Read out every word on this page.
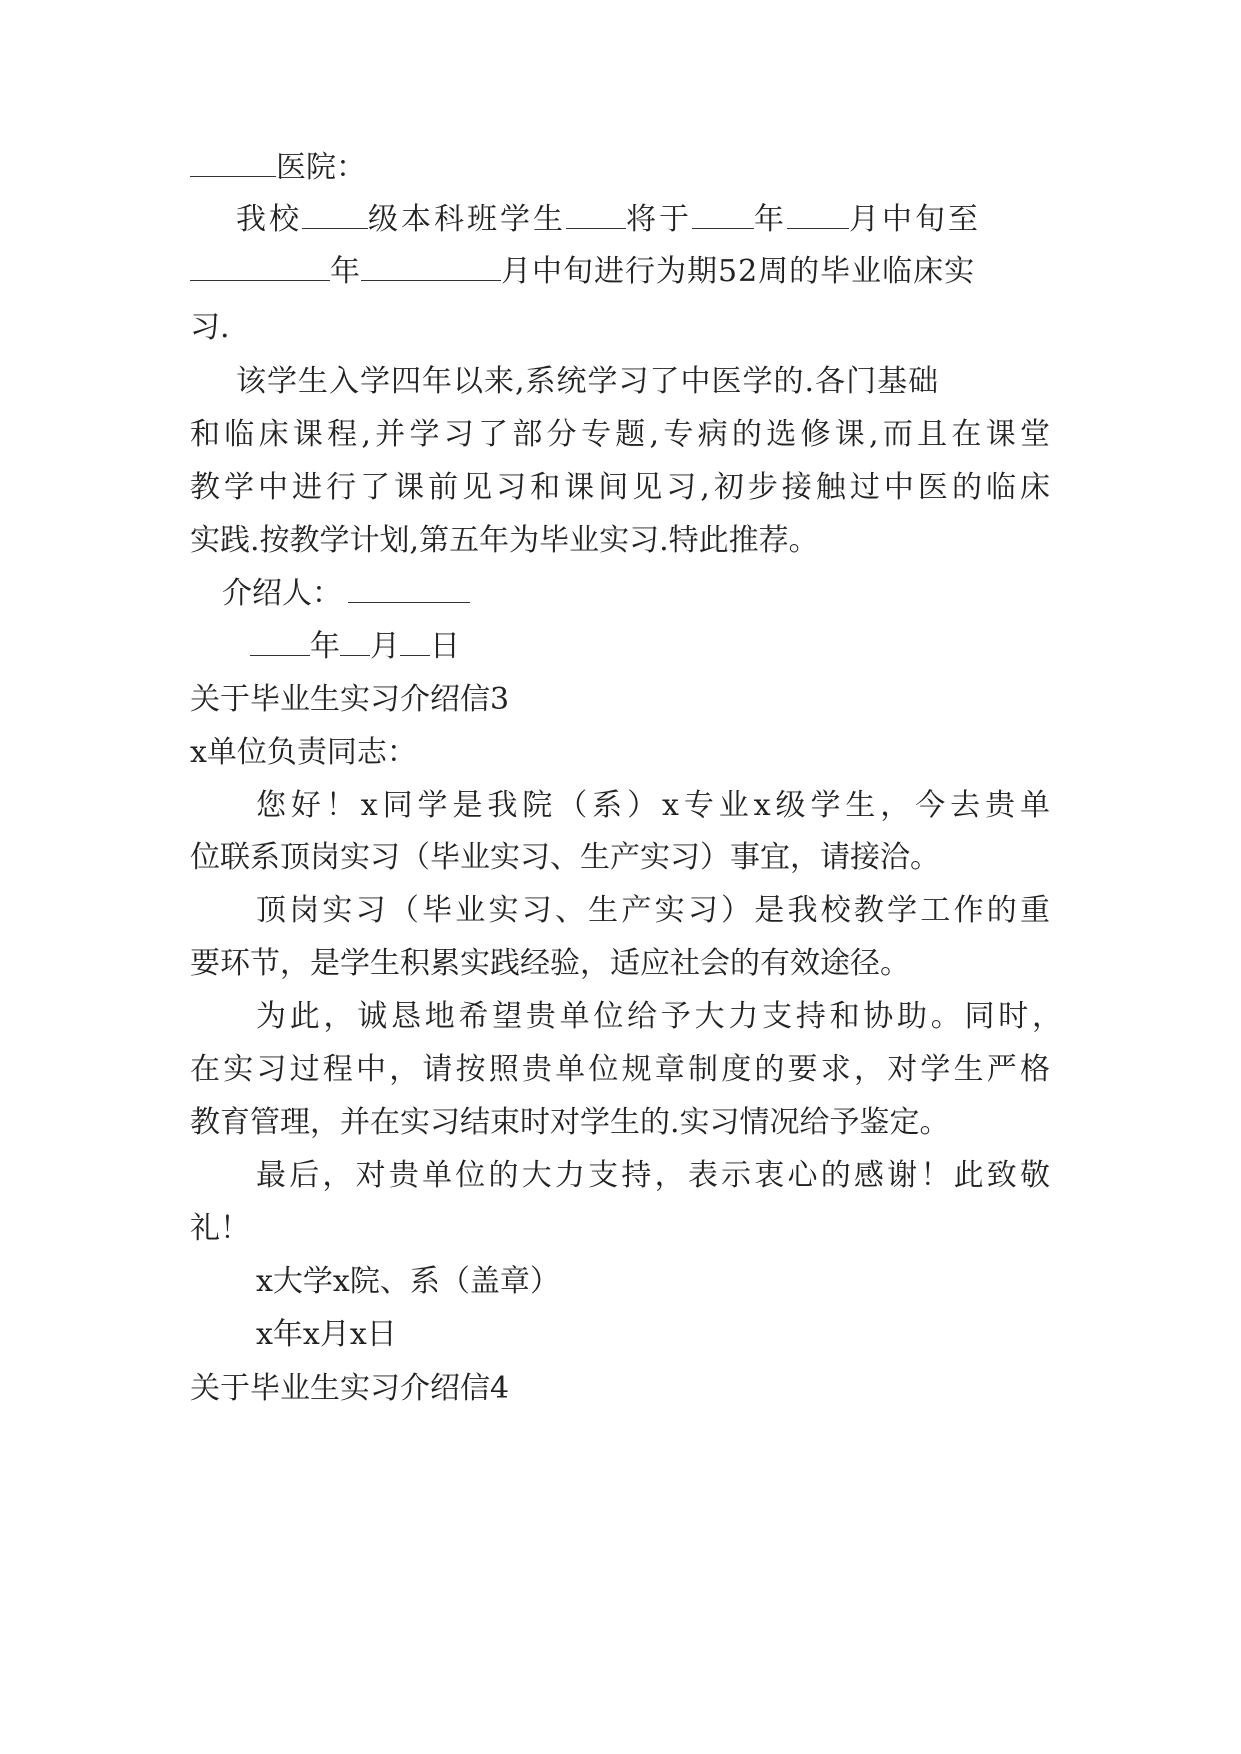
医院：
我校 级本科班学生 将于 年 月中旬至
年	月中旬进行为期52周的毕业临床实
习.
该学生入学四年以来,系统学习了中医学的.各门基础
和临床课程,并学习了部分专题,专病的选修课,而且在课堂
教学中进行了课前见习和课间见习,初步接触过中医的临床
实践.按教学计划,第五年为毕业实习.特此推荐。
介绍人：
年 月 日
关于毕业生实习介绍信3
x单位负责同志：
您好！x同学是我院（系）x专业x级学生，今去贵单
位联系顶岗实习（毕业实习、生产实习）事宜，请接洽。
顶岗实习（毕业实习、生产实习）是我校教学工作的重
要环节，是学生积累实践经验，适应社会的有效途径。
为此，诚恳地希望贵单位给予大力支持和协助。同时，
在实习过程中，请按照贵单位规章制度的要求，对学生严格
教育管理，并在实习结束时对学生的.实习情况给予鉴定。
最后，对贵单位的大力支持，表示衷心的感谢！此致敬
礼！
x大学x院、系（盖章）
x年x月x日
关于毕业生实习介绍信4
